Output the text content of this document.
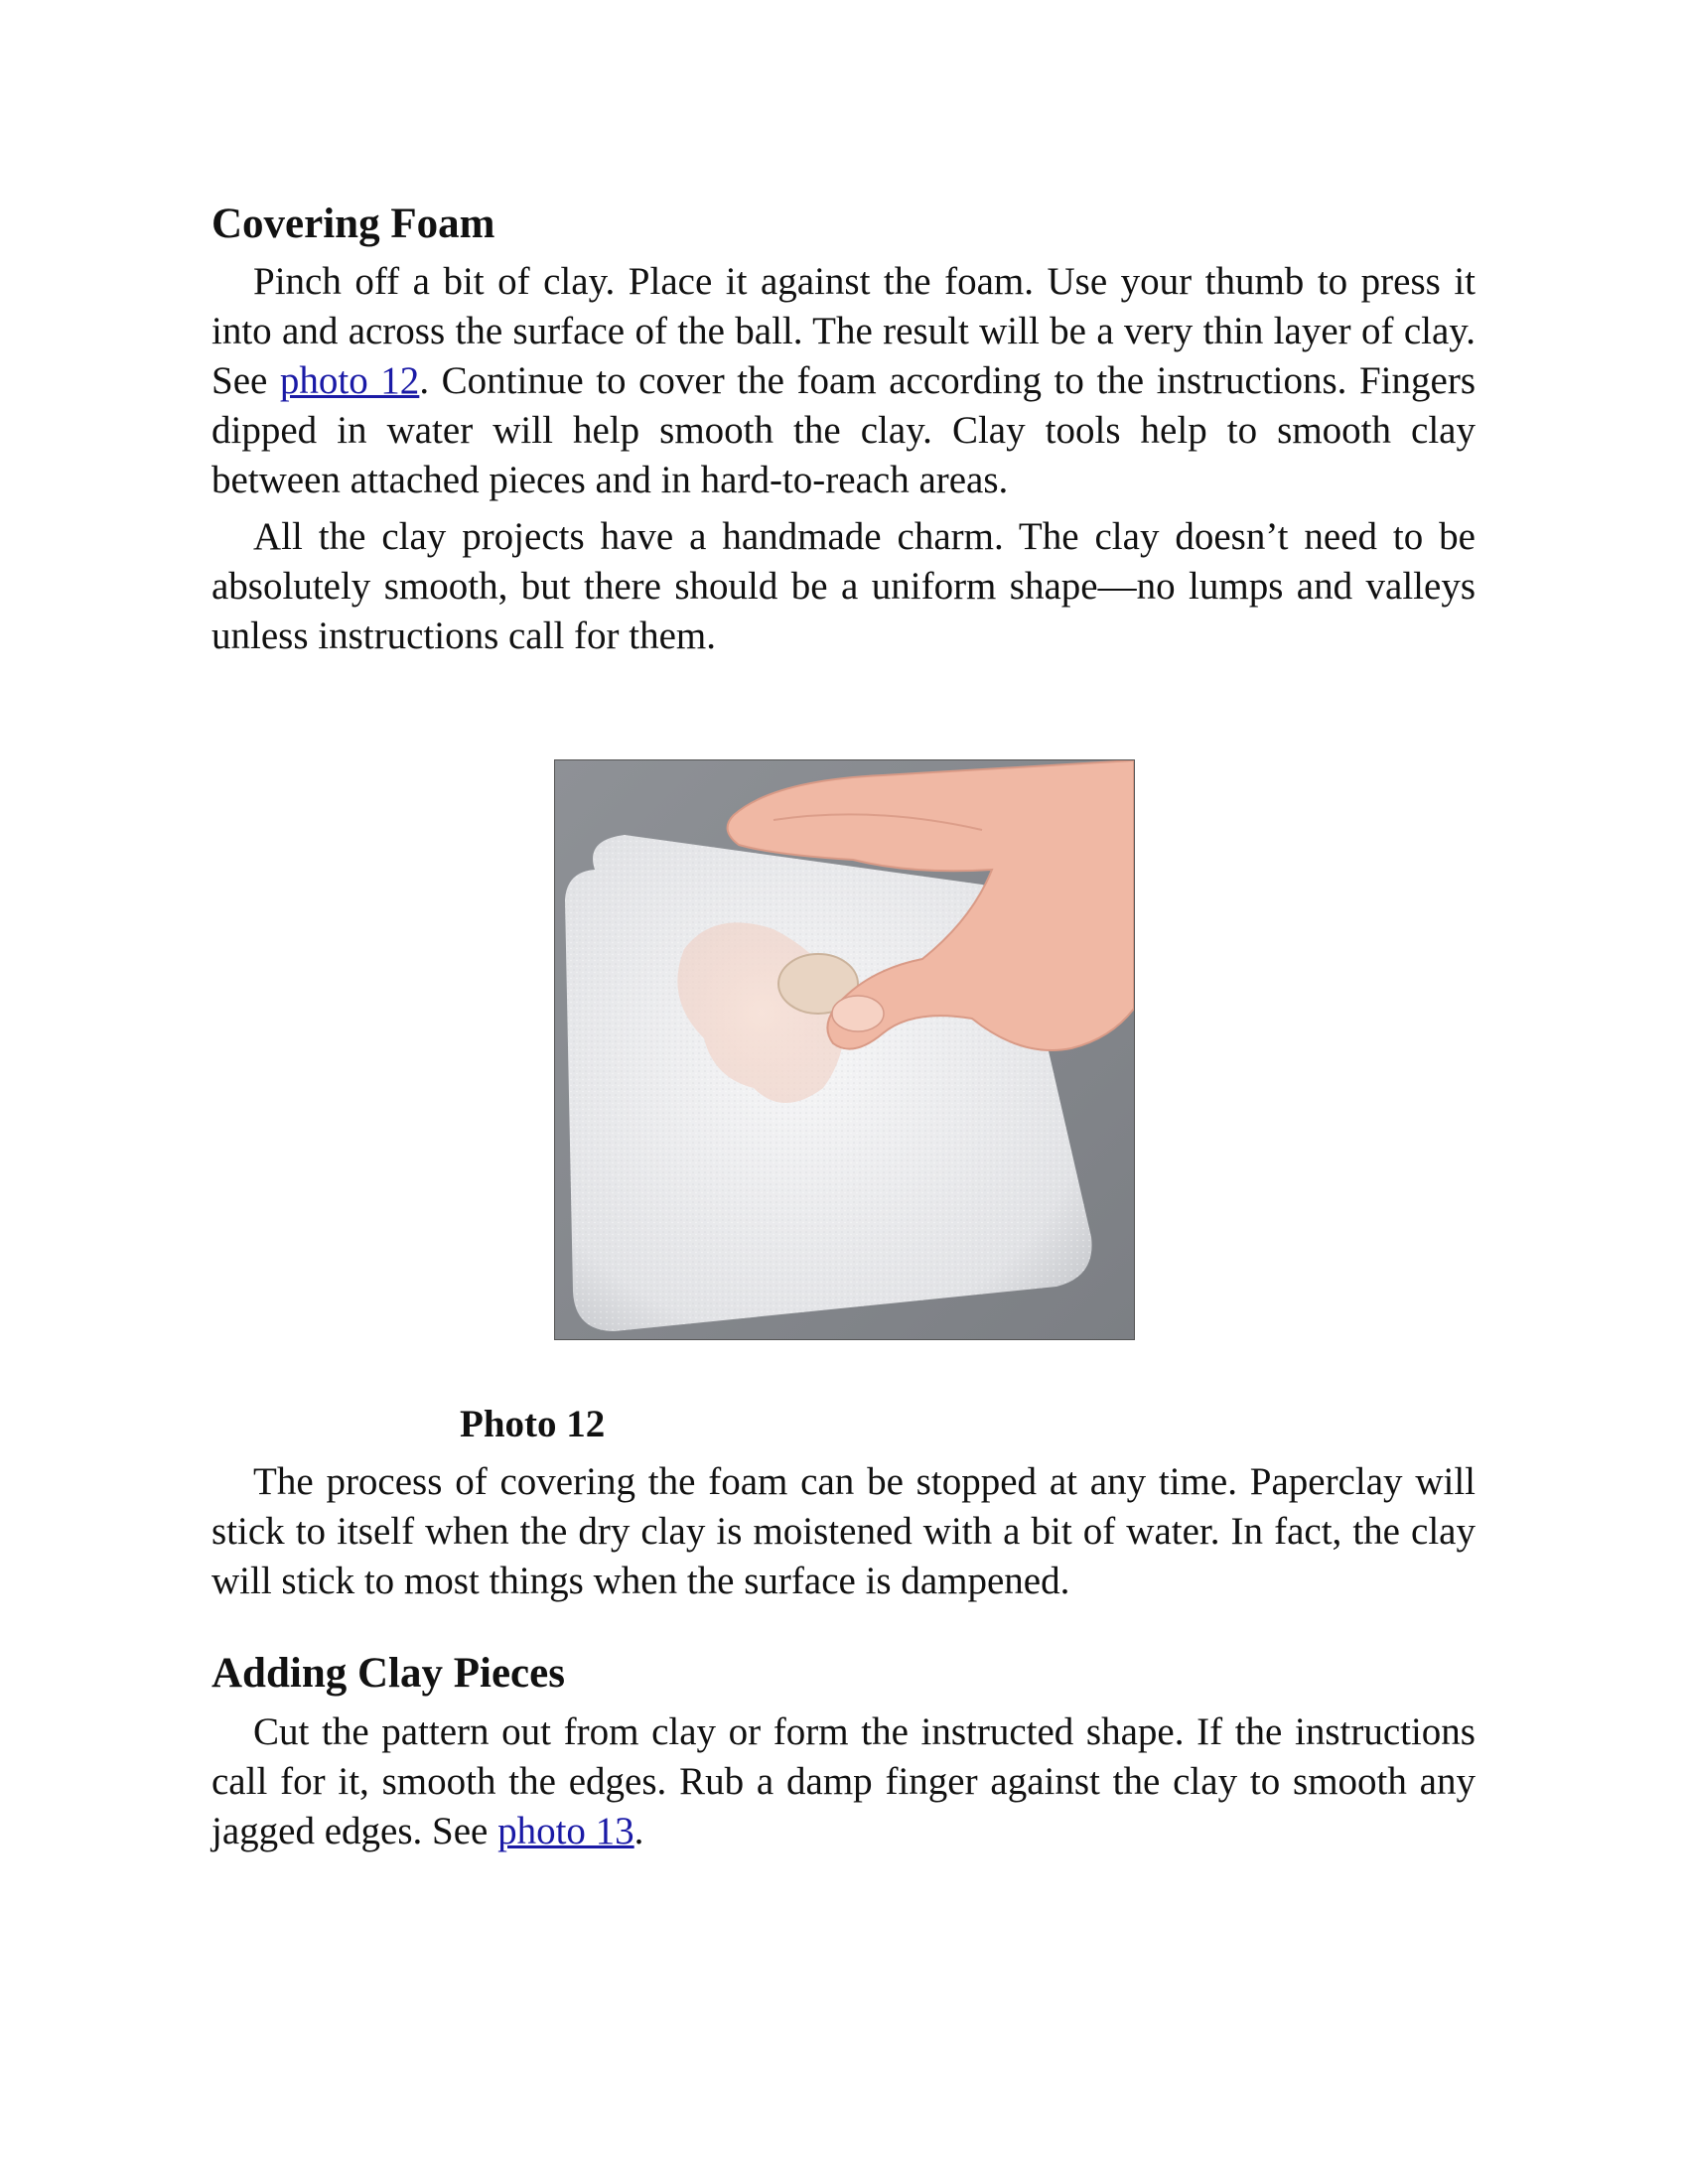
Covering Foam

Pinch off a bit of clay. Place it against the foam. Use your thumb to press it into and across the surface of the ball. The result will be a very thin layer of clay. See photo 12. Continue to cover the foam according to the instructions. Fingers dipped in water will help smooth the clay. Clay tools help to smooth clay between attached pieces and in hard-to-reach areas.

All the clay projects have a handmade charm. The clay doesn’t need to be absolutely smooth, but there should be a uniform shape—no lumps and valleys unless instructions call for them.

Photo 12

The process of covering the foam can be stopped at any time. Paperclay will stick to itself when the dry clay is moistened with a bit of water. In fact, the clay will stick to most things when the surface is dampened.

Adding Clay Pieces

Cut the pattern out from clay or form the instructed shape. If the instructions call for it, smooth the edges. Rub a damp finger against the clay to smooth any jagged edges. See photo 13.
